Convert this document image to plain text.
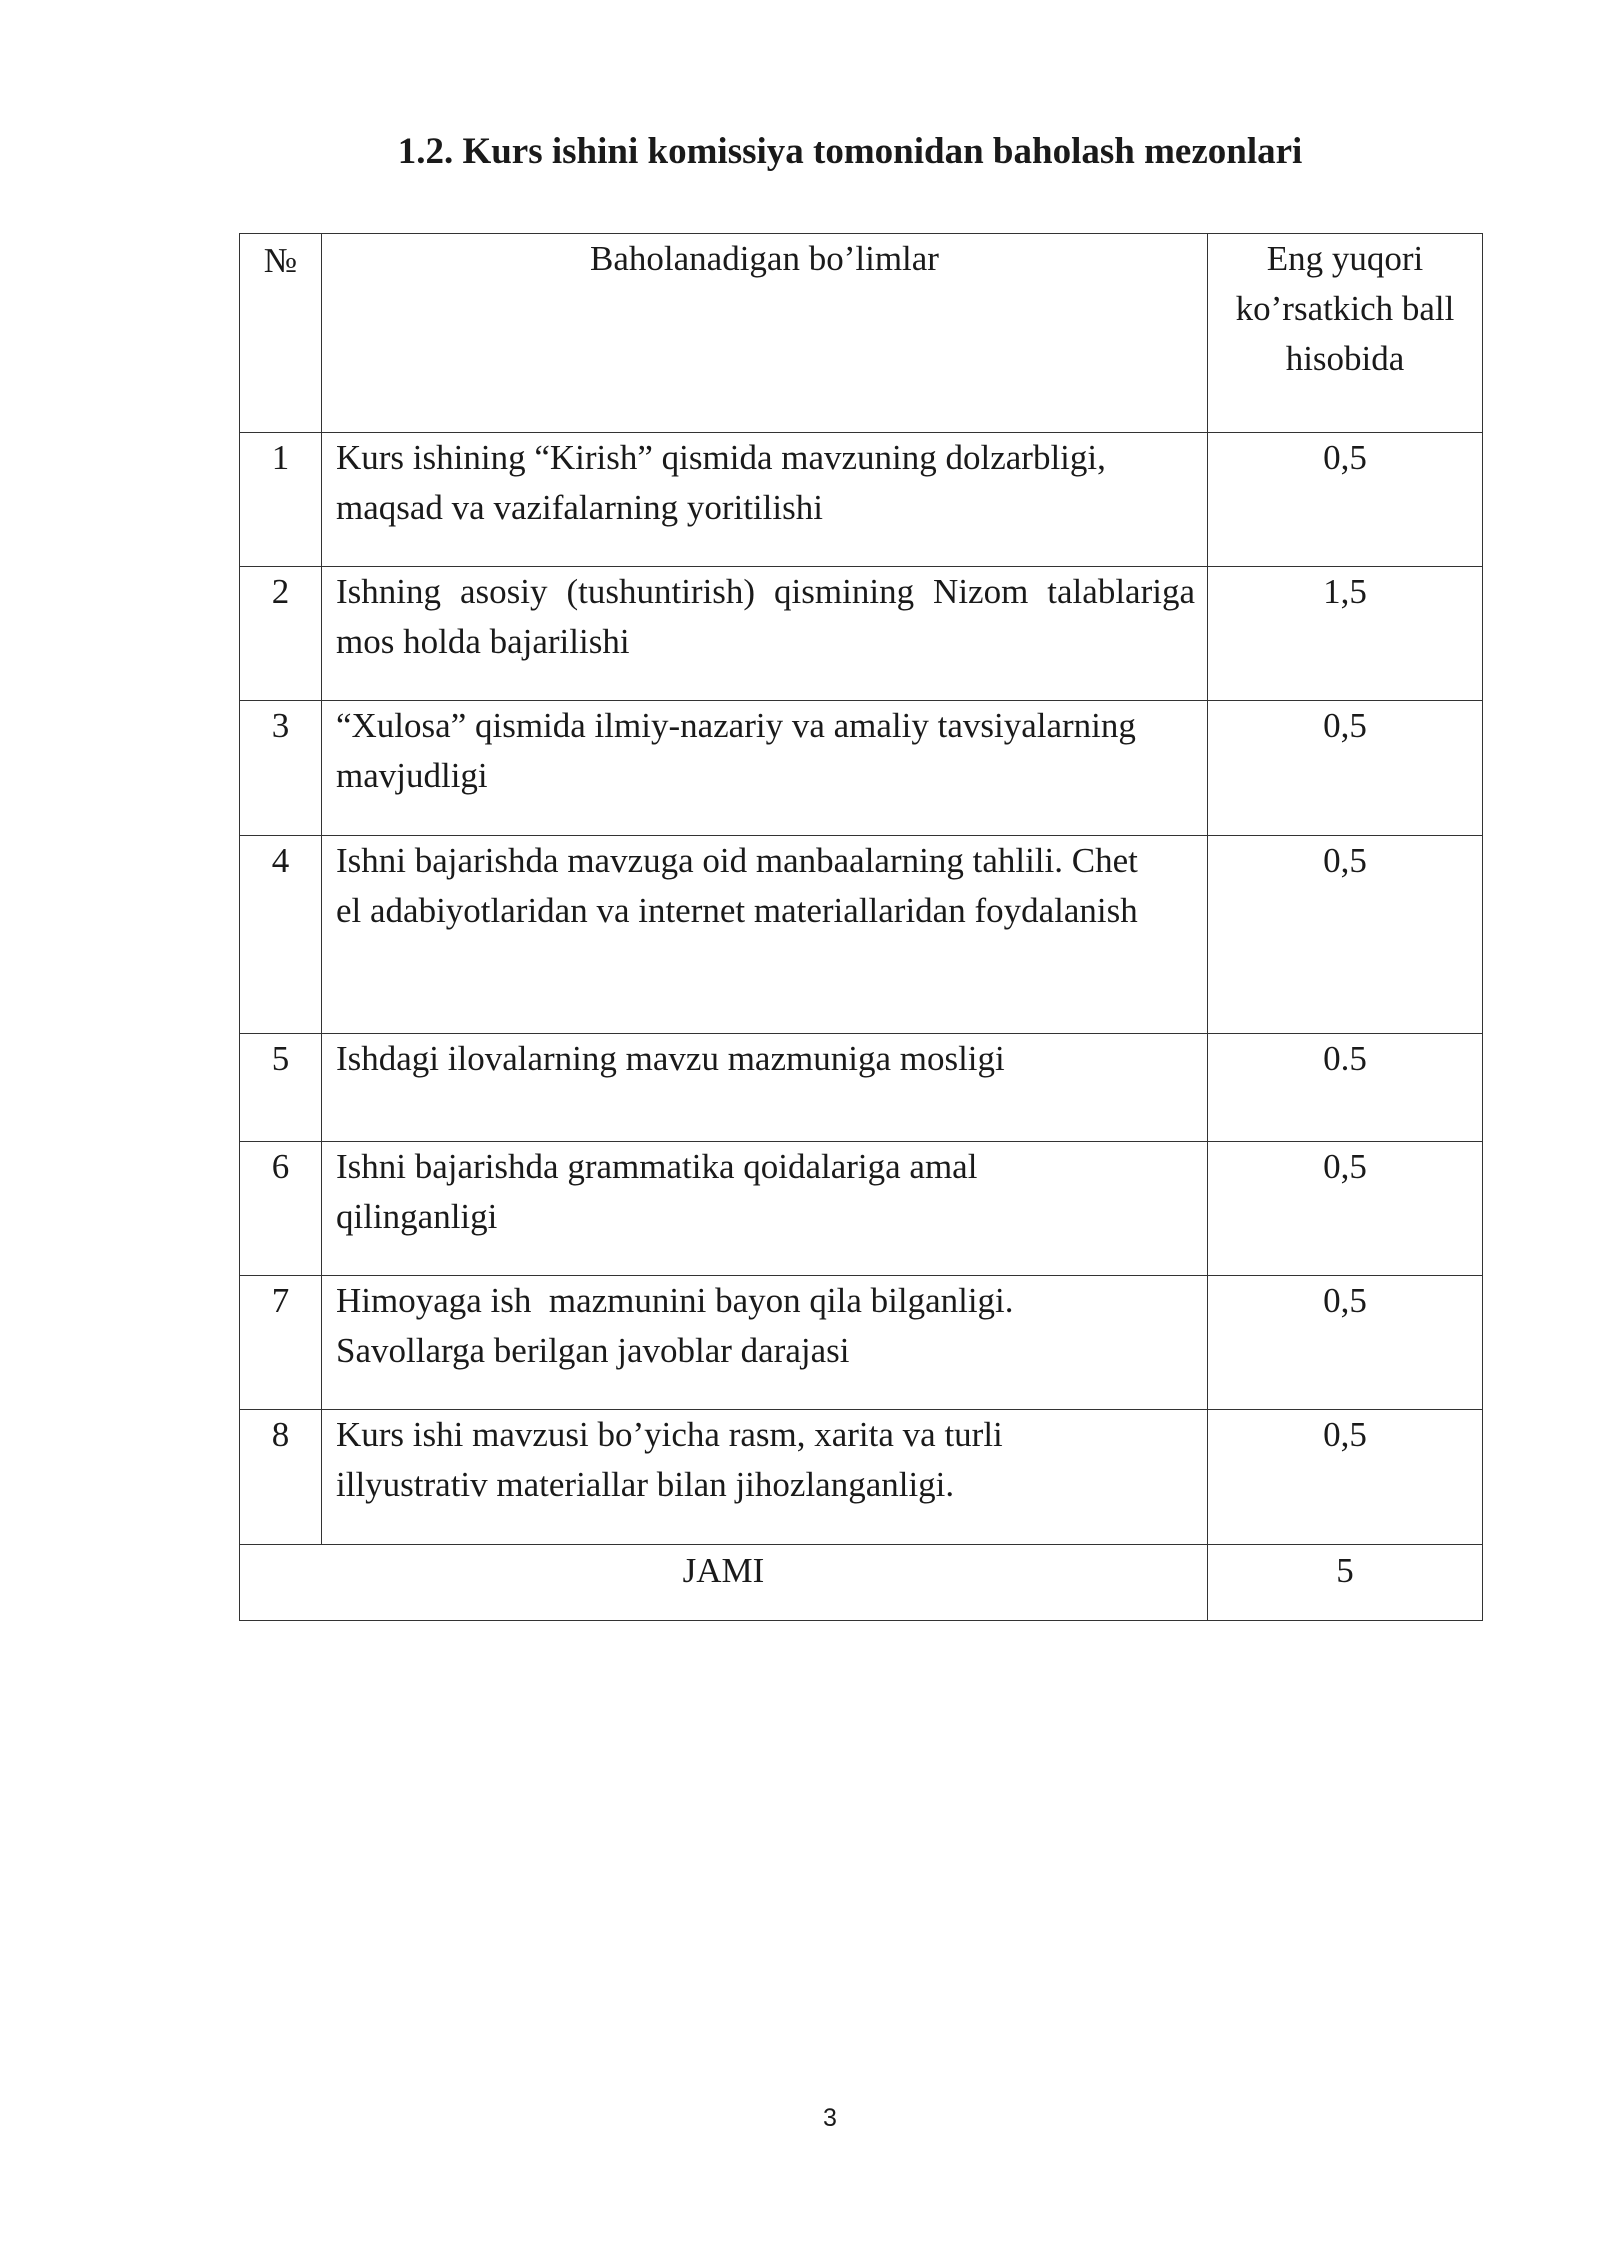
1.2. Kurs ishini komissiya tomonidan baholash mezonlari
№	Baholanadigan bo’limlar	Eng yuqori ko’rsatkich ball hisobida
1	Kurs ishining “Kirish” qismida mavzuning dolzarbligi, maqsad va vazifalarning yoritilishi	0,5
2	Ishning asosiy (tushuntirish) qismining Nizom talablariga mos holda bajarilishi	1,5
3	“Xulosa” qismida ilmiy-nazariy va amaliy tavsiyalarning mavjudligi	0,5
4	Ishni bajarishda mavzuga oid manbaalarning tahlili. Chet el adabiyotlaridan va internet materiallaridan foydalanish	0,5
5	Ishdagi ilovalarning mavzu mazmuniga mosligi	0.5
6	Ishni bajarishda grammatika qoidalariga amal qilinganligi	0,5
7	Himoyaga ish  mazmunini bayon qila bilganligi. Savollarga berilgan javoblar darajasi	0,5
8	Kurs ishi mavzusi bo’yicha rasm, xarita va turli illyustrativ materiallar bilan jihozlanganligi.	0,5
JAMI		5
3
